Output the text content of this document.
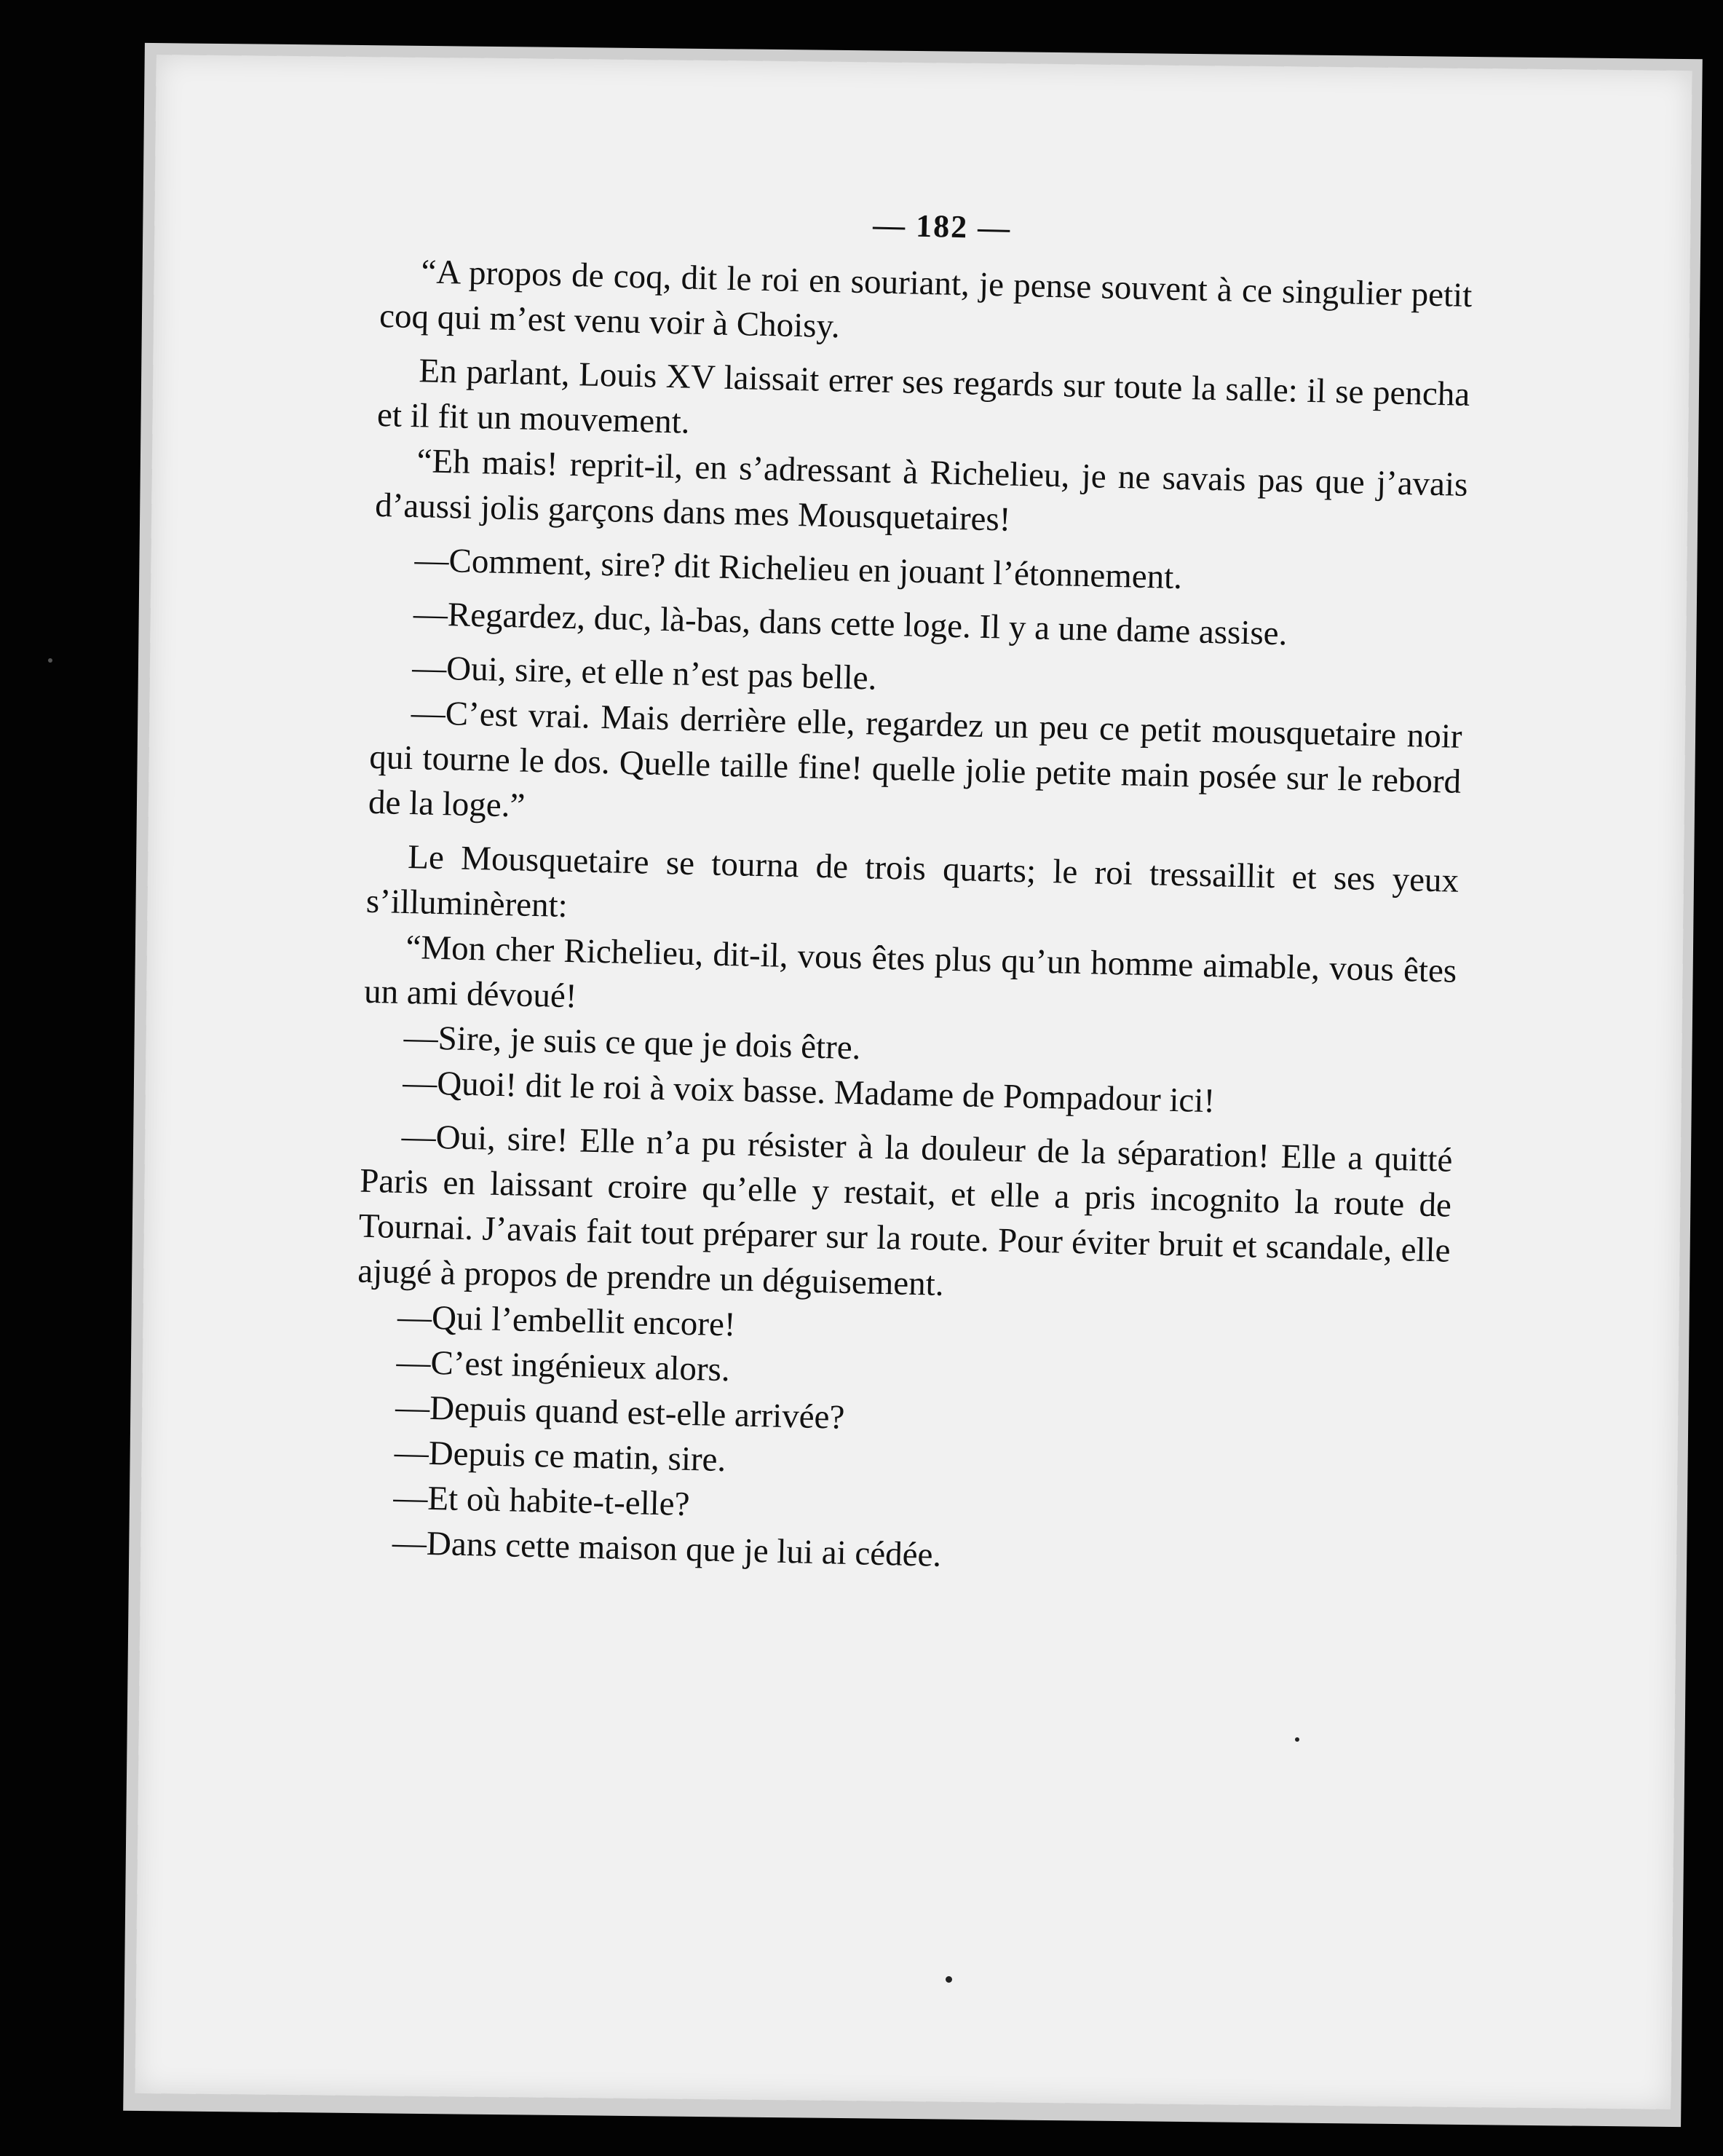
— 182 —

“A propos de coq, dit le roi en souriant, je pense souvent à ce singulier petit coq qui m’est venu voir à Choisy.

En parlant, Louis XV laissait errer ses regards sur toute la salle: il se pencha et il fit un mouvement.

“Eh mais! reprit-il, en s’adressant à Richelieu, je ne savais pas que j’avais d’aussi jolis garçons dans mes Mousquetaires!

—Comment, sire? dit Richelieu en jouant l’étonnement.

—Regardez, duc, là-bas, dans cette loge. Il y a une dame assise.

—Oui, sire, et elle n’est pas belle.

—C’est vrai. Mais derrière elle, regardez un peu ce petit mousquetaire noir qui tourne le dos. Quelle taille fine! quelle jolie petite main posée sur le rebord de la loge.”

Le Mousquetaire se tourna de trois quarts; le roi tressaillit et ses yeux s’illuminèrent:

“Mon cher Richelieu, dit-il, vous êtes plus qu’un homme aimable, vous êtes un ami dévoué!

—Sire, je suis ce que je dois être.

—Quoi! dit le roi à voix basse. Madame de Pompadour ici!

—Oui, sire! Elle n’a pu résister à la douleur de la séparation! Elle a quitté Paris en laissant croire qu’elle y restait, et elle a pris incognito la route de Tournai. J’avais fait tout préparer sur la route. Pour éviter bruit et scandale, elle ajugé à propos de prendre un déguisement.

—Qui l’embellit encore!

—C’est ingénieux alors.

—Depuis quand est-elle arrivée?

—Depuis ce matin, sire.

—Et où habite-t-elle?

—Dans cette maison que je lui ai cédée.
